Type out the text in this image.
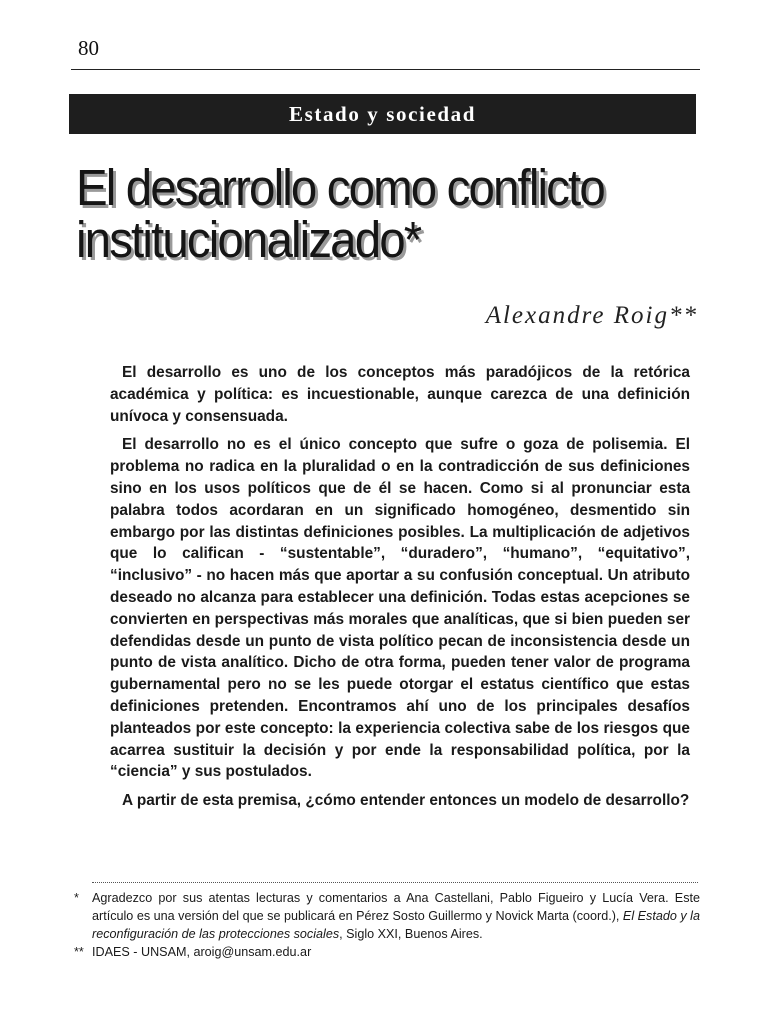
80
Estado y sociedad
El desarrollo como conflicto
institucionalizado*
Alexandre Roig**

El desarrollo es uno de los conceptos más paradójicos de la retórica académica y política: es incuestionable, aunque carezca de una definición unívoca y consensuada.

El desarrollo no es el único concepto que sufre o goza de polisemia. El problema no radica en la pluralidad o en la contradicción de sus definiciones sino en los usos políticos que de él se hacen. Como si al pronunciar esta palabra todos acordaran en un significado homogéneo, desmentido sin embargo por las distintas definiciones posibles. La multiplicación de adjetivos que lo califican - “sustentable”, “duradero”, “humano”, “equitativo”, “inclusivo” - no hacen más que aportar a su confusión conceptual. Un atributo deseado no alcanza para establecer una definición. Todas estas acepciones se convierten en perspectivas más morales que analíticas, que si bien pueden ser defendidas desde un punto de vista político pecan de inconsistencia desde un punto de vista analítico. Dicho de otra forma, pueden tener valor de programa gubernamental pero no se les puede otorgar el estatus científico que estas definiciones pretenden. Encontramos ahí uno de los principales desafíos planteados por este concepto: la experiencia colectiva sabe de los riesgos que acarrea sustituir la decisión y por ende la responsabilidad política, por la “ciencia” y sus postulados.

A partir de esta premisa, ¿cómo entender entonces un modelo de desarrollo?

*	Agradezco por sus atentas lecturas y comentarios a Ana Castellani, Pablo Figueiro y Lucía Vera. Este artículo es una versión del que se publicará en Pérez Sosto Guillermo y Novick Marta (coord.), El Estado y la reconfiguración de las protecciones sociales, Siglo XXI, Buenos Aires.
** IDAES - UNSAM, aroig@unsam.edu.ar
